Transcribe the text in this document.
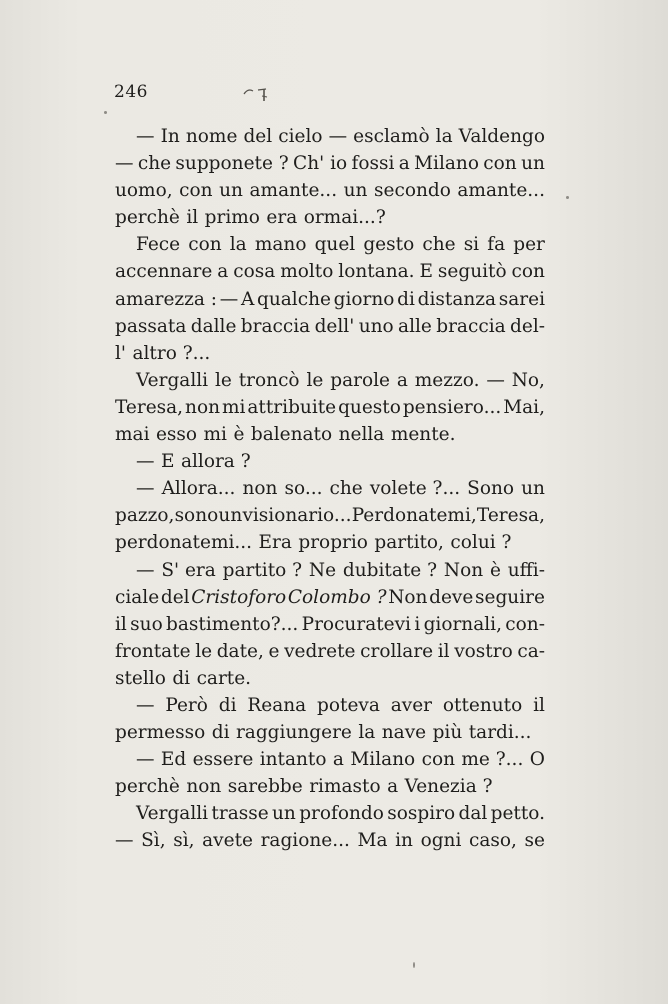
246
— In nome del cielo — esclamò la Valdengo
— che supponete ? Ch' io fossi a Milano con un
uomo, con un amante... un secondo amante...
perchè il primo era ormai...?
Fece con la mano quel gesto che si fa per
accennare a cosa molto lontana. E seguitò con
amarezza : — A qualche giorno di distanza sarei
passata dalle braccia dell' uno alle braccia del-
l' altro ?...
Vergalli le troncò le parole a mezzo. — No,
Teresa, non mi attribuite questo pensiero... Mai,
mai esso mi è balenato nella mente.
— E allora ?
— Allora... non so... che volete ?... Sono un
pazzo, sono un visionario... Perdonatemi, Teresa,
perdonatemi... Era proprio partito, colui ?
— S' era partito ? Ne dubitate ? Non è uffi-
ciale del Cristoforo Colombo ? Non deve seguire
il suo bastimento?... Procuratevi i giornali, con-
frontate le date, e vedrete crollare il vostro ca-
stello di carte.
— Però di Reana poteva aver ottenuto il
permesso di raggiungere la nave più tardi...
— Ed essere intanto a Milano con me ?... O
perchè non sarebbe rimasto a Venezia ?
Vergalli trasse un profondo sospiro dal petto.
— Sì, sì, avete ragione... Ma in ogni caso, se
